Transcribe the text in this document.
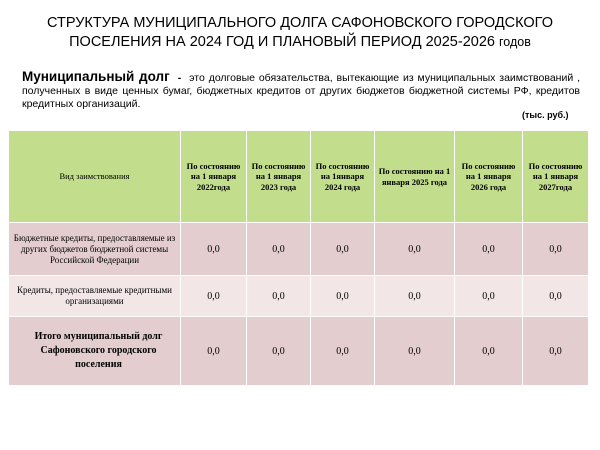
СТРУКТУРА МУНИЦИПАЛЬНОГО ДОЛГА САФОНОВСКОГО ГОРОДСКОГО
ПОСЕЛЕНИЯ НА 2024 ГОД И ПЛАНОВЫЙ ПЕРИОД 2025-2026 годов
Муниципальный долг - это долговые обязательства, вытекающие из муниципальных заимствований , полученных в виде ценных бумаг, бюджетных кредитов от других бюджетов бюджетной системы РФ, кредитов кредитных организаций.
(тыс. руб.)
Вид заимствования	По состоянию на 1 января 2022года	По состоянию на 1 января 2023 года	По состоянию на 1января 2024 года	По состоянию на 1 января 2025 года	По состоянию на 1 января 2026 года	По состоянию на 1 января 2027года
Бюджетные кредиты, предоставляемые из других бюджетов бюджетной системы Российской Федерации	0,0	0,0	0,0	0,0	0,0	0,0
Кредиты, предоставляемые кредитными организациями	0,0	0,0	0,0	0,0	0,0	0,0
Итого муниципальный долг Сафоновского городского поселения	0,0	0,0	0,0	0,0	0,0	0,0
